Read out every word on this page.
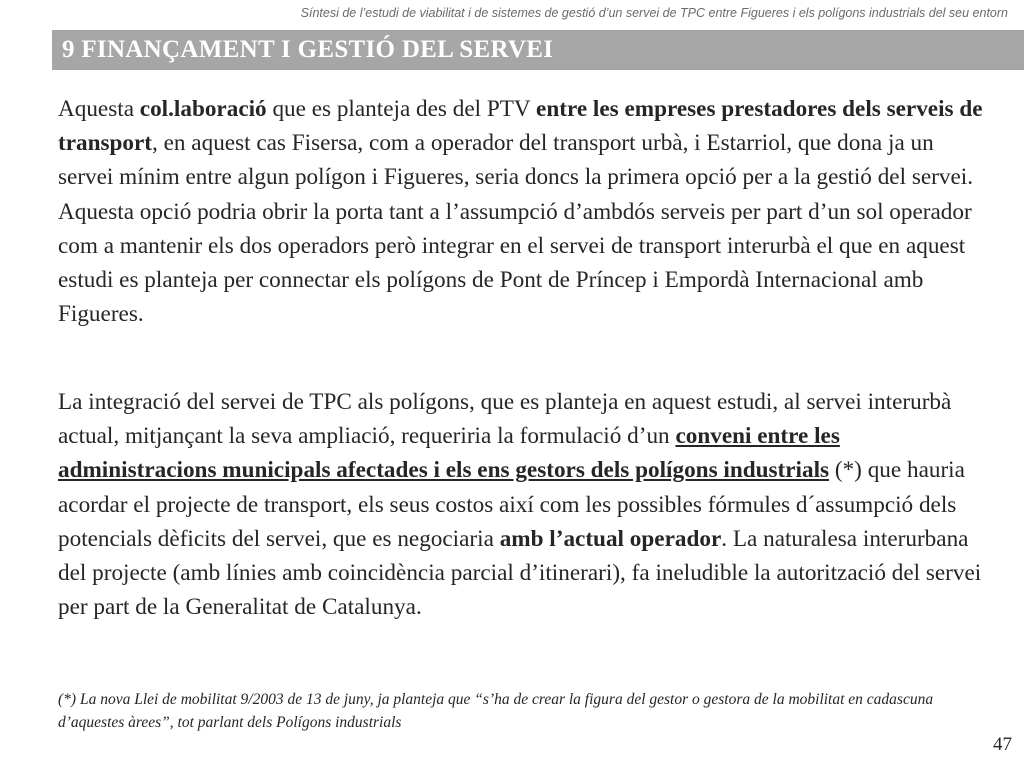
Síntesi de l’estudi de viabilitat i de sistemes de gestió d’un servei de TPC entre Figueres i els polígons industrials del seu entorn
9 FINANÇAMENT I GESTIÓ DEL SERVEI

Aquesta col.laboració que es planteja des del PTV entre les empreses prestadores dels serveis de transport, en aquest cas Fisersa, com a operador del transport urbà, i Estarriol, que dona ja un servei mínim entre algun polígon i Figueres, seria doncs la primera opció per a la gestió del servei. Aquesta opció podria obrir la porta tant a l’assumpció d’ambdós serveis per part d’un sol operador com a mantenir els dos operadors però integrar en el servei de transport interurbà el que en aquest estudi es planteja per connectar els polígons de Pont de Príncep i Empordà Internacional amb Figueres.

La integració del servei de TPC als polígons, que es planteja en aquest estudi, al servei interurbà actual, mitjançant la seva ampliació, requeriria la formulació d’un conveni entre les administracions municipals afectades i els ens gestors dels polígons industrials (*) que hauria acordar el projecte de transport, els seus costos així com les possibles fórmules d´assumpció dels potencials dèficits del servei, que es negociaria amb l’actual operador. La naturalesa interurbana del projecte (amb línies amb coincidència parcial d’itinerari), fa ineludible la autorització del servei per part de la Generalitat de Catalunya.

(*) La nova Llei de mobilitat 9/2003 de 13 de juny, ja planteja que “s’ha de crear la figura del gestor o gestora de la mobilitat en cadascuna d’aquestes àrees”, tot parlant dels Polígons industrials

47
